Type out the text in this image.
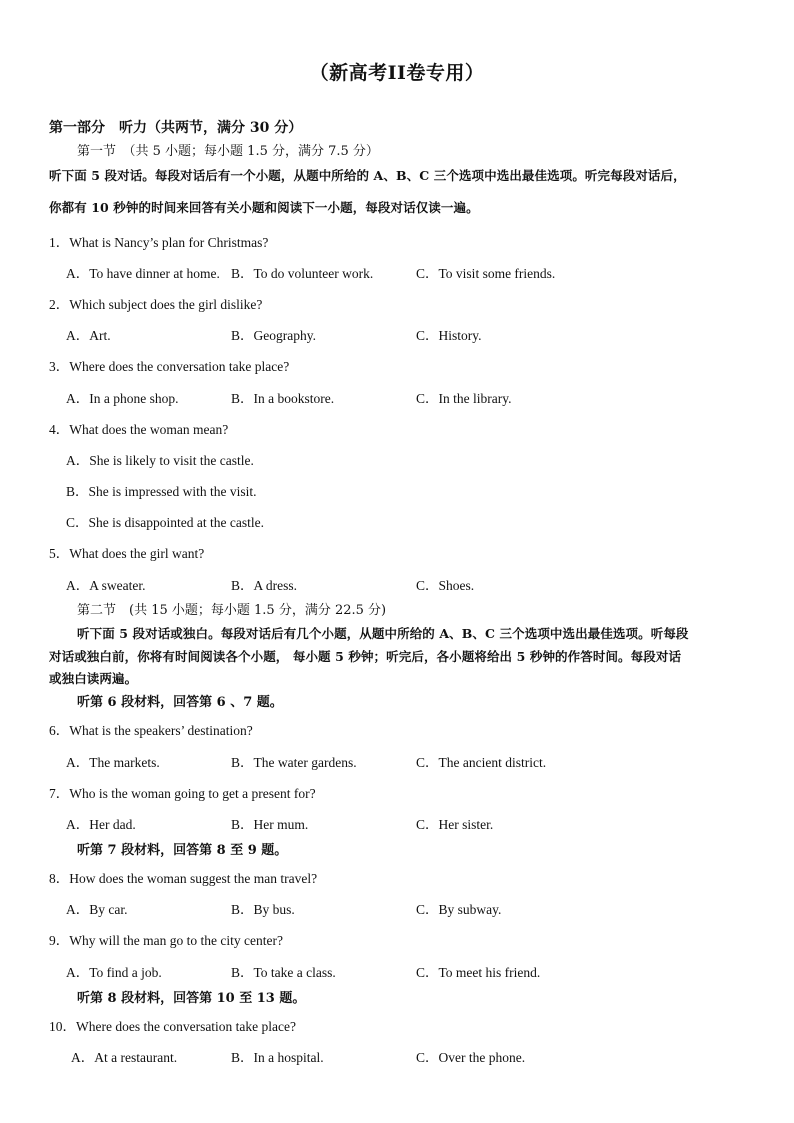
（新高考II卷专用）
第一部分　听力（共两节，满分 30 分）
第一节　（共 5 小题；每小题 1.5 分，满分 7.5 分）
听下面 5 段对话。每段对话后有一个小题，从题中所给的 A、B、C 三个选项中选出最佳选项。听完每段对话后，
你都有 10 秒钟的时间来回答有关小题和阅读下一小题，每段对话仅读一遍。
1．What is Nancy’s plan for Christmas?
A．To have dinner at home. B．To do volunteer work.	C．To visit some friends.
2．Which subject does the girl dislike?
A．Art.	B．Geography.	C．History.
3．Where does the conversation take place?
A．In a phone shop.	B．In a bookstore.	C．In the library.
4．What does the woman mean?
A．She is likely to visit the castle.
B．She is impressed with the visit.
C．She is disappointed at the castle.
5．What does the girl want?
A．A sweater.	B．A dress.	C．Shoes.
第二节　(共 15 小题；每小题 1.5 分，满分 22.5 分)
听下面 5 段对话或独白。每段对话后有几个小题，从题中所给的 A、B、C 三个选项中选出最佳选项。听每段
对话或独白前，你将有时间阅读各个小题， 每小题 5 秒钟；听完后，各小题将给出 5 秒钟的作答时间。每段对话
或独白读两遍。
听第 6 段材料，回答第 6 、7 题。
6．What is the speakers’ destination?
A．The markets.	B．The water gardens.	C．The ancient district.
7．Who is the woman going to get a present for?
A．Her dad.	B．Her mum.	C．Her sister.
听第 7 段材料，回答第 8 至 9 题。
8．How does the woman suggest the man travel?
A．By car.	B．By bus.	C．By subway.
9．Why will the man go to the city center?
A．To find a job.	B．To take a class.	C．To meet his friend.
听第 8 段材料，回答第 10 至 13 题。
10．Where does the conversation take place?
A．At a restaurant.	B．In a hospital.	C．Over the phone.
